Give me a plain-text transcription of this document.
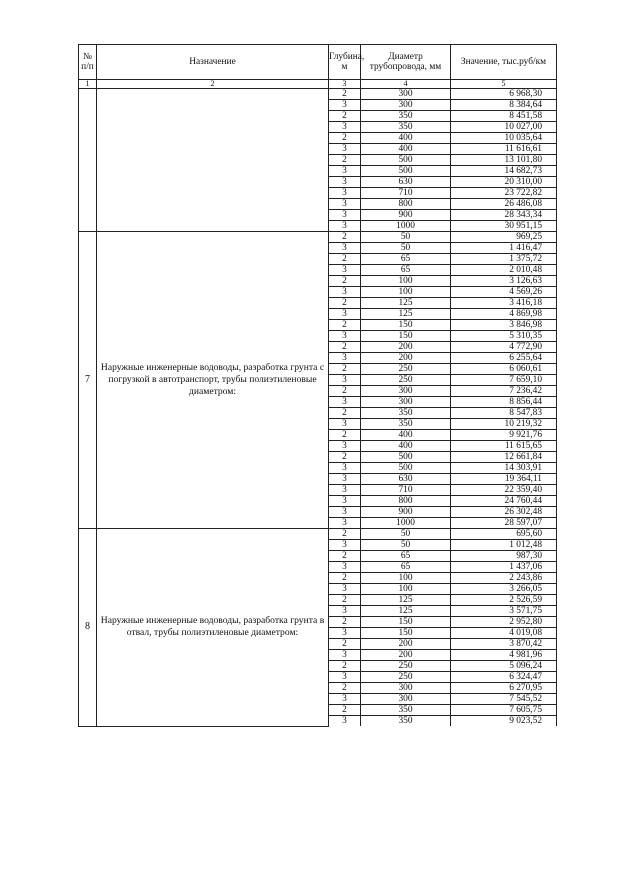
№ п/п	Назначение	Глубина, м	Диаметр трубопровода, мм	Значение, тыс.руб/км
1	2	3	4	5
		2	300	6 968,30
		3	300	8 384,64
		2	350	8 451,58
		3	350	10 027,00
		2	400	10 035,64
		3	400	11 616,61
		2	500	13 101,80
		3	500	14 682,73
		3	630	20 310,00
		3	710	23 722,82
		3	800	26 486,08
		3	900	28 343,34
		3	1000	30 951,15
7	Наружные инженерные водоводы, разработка грунта с погрузкой в автотранспорт, трубы полиэтиленовые диаметром:	2	50	969,25
		3	50	1 416,47
		2	65	1 375,72
		3	65	2 010,48
		2	100	3 126,63
		3	100	4 569,26
		2	125	3 416,18
		3	125	4 869,98
		2	150	3 846,98
		3	150	5 310,35
		2	200	4 772,90
		3	200	6 255,64
		2	250	6 060,61
		3	250	7 659,10
		2	300	7 236,42
		3	300	8 856,44
		2	350	8 547,83
		3	350	10 219,32
		2	400	9 921,76
		3	400	11 615,65
		2	500	12 661,84
		3	500	14 303,91
		3	630	19 364,11
		3	710	22 359,40
		3	800	24 760,44
		3	900	26 302,48
		3	1000	28 597,07
8	Наружные инженерные водоводы, разработка грунта в отвал, трубы полиэтиленовые диаметром:	2	50	695,60
		3	50	1 012,48
		2	65	987,30
		3	65	1 437,06
		2	100	2 243,86
		3	100	3 266,05
		2	125	2 526,59
		3	125	3 571,75
		2	150	2 952,80
		3	150	4 019,08
		2	200	3 870,42
		3	200	4 981,96
		2	250	5 096,24
		3	250	6 324,47
		2	300	6 270,95
		3	300	7 545,52
		2	350	7 605,75
		3	350	9 023,52
